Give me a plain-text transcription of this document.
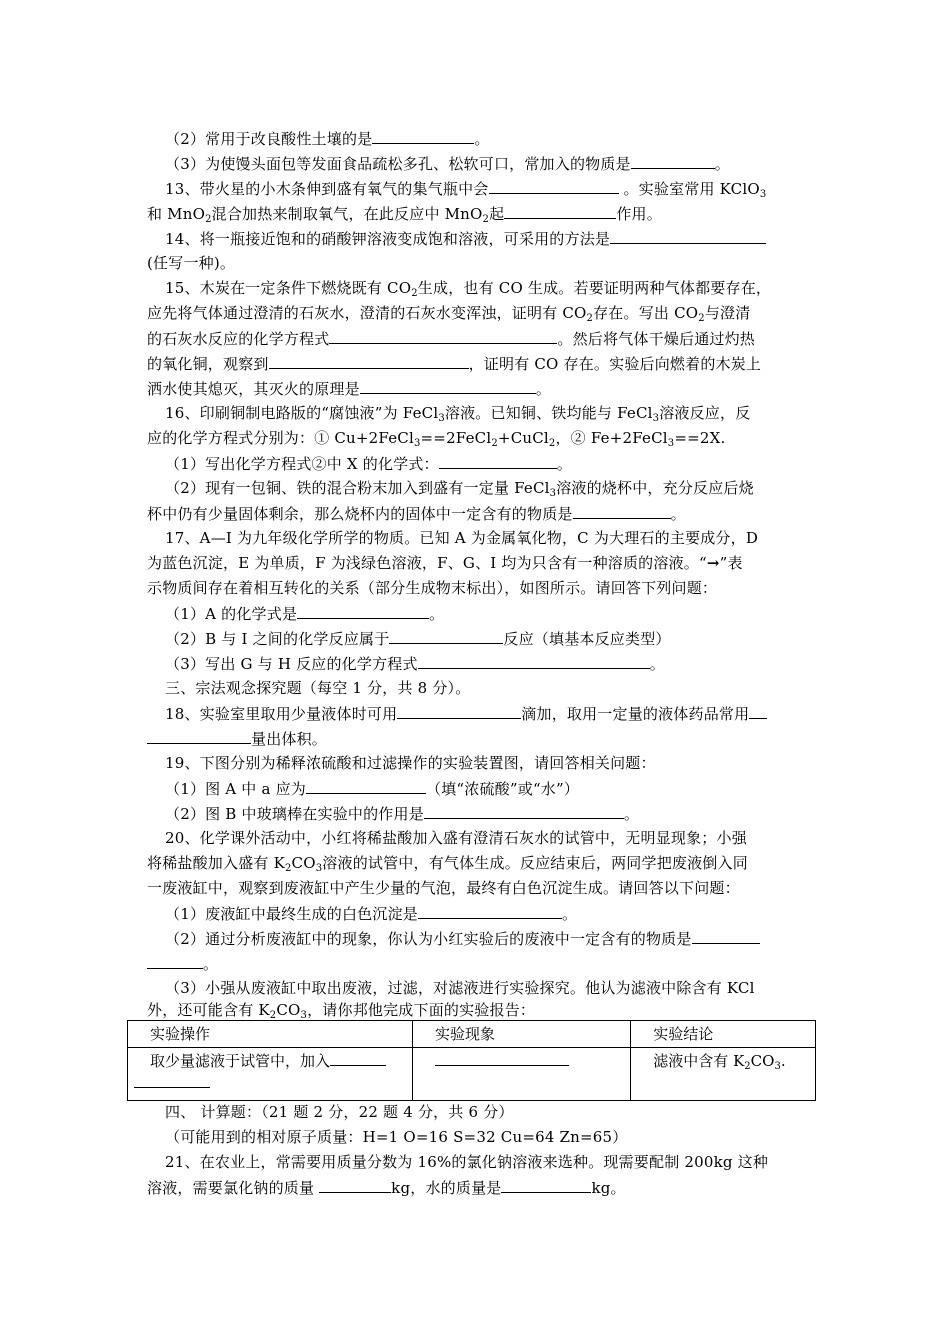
（2）常用于改良酸性土壤的是	。
（3）为使馒头面包等发面食品疏松多孔、松软可口，常加入的物质是	。
13、带火星的小木条伸到盛有氧气的集气瓶中会	。实验室常用 KClO$_3$
和 MnO$_2$混合加热来制取氧气，在此反应中 MnO$_2$起	作用。
14、将一瓶接近饱和的硝酸钾溶液变成饱和溶液，可采用的方法是
(任写一种)。
15、木炭在一定条件下燃烧既有 $CO_2$生成，也有 CO 生成。若要证明两种气体都要存在，
应先将气体通过澄清的石灰水，澄清的石灰水变浑浊，证明有 $CO_2$存在。写出 $CO_2$与澄清
的石灰水反应的化学方程式	。然后将气体干燥后通过灼热
的氧化铜，观察到	，证明有 CO 存在。实验后向燃着的木炭上
洒水使其熄灭，其灭火的原理是	。
16、印刷铜制电路版的“腐蚀液”为 FeCl$_3$溶液。已知铜、铁均能与 FeCl$_3$溶液反应，反
应的化学方程式分别为：① Cu+2FeCl$_3$==2FeCl$_2$+CuCl$_2$，② Fe+2FeCl$_3$==2X.
（1）写出化学方程式②中 X 的化学式：	。
（2）现有一包铜、铁的混合粉末加入到盛有一定量 FeCl$_3$溶液的烧杯中，充分反应后烧
杯中仍有少量固体剩余，那么烧杯内的固体中一定含有的物质是	。
17、A—I 为九年级化学所学的物质。已知 A 为金属氧化物，C 为大理石的主要成分，D
为蓝色沉淀，E 为单质，F 为浅绿色溶液，F、G、I 均为只含有一种溶质的溶液。“→”表
示物质间存在着相互转化的关系（部分生成物末标出），如图所示。请回答下列问题：
（1）A 的化学式是	。
（2）B 与 I 之间的化学反应属于	反应（填基本反应类型）
（3）写出 G 与 H 反应的化学方程式	。
三、宗法观念探究题（每空 1 分，共 8 分）。
18、实验室里取用少量液体时可用	滴加，取用一定量的液体药品常用
量出体积。
19、下图分别为稀释浓硫酸和过滤操作的实验装置图，请回答相关问题：
（1）图 A 中 a 应为	（填“浓硫酸”或“水”）
（2）图 B 中玻璃棒在实验中的作用是	。
20、化学课外活动中，小红将稀盐酸加入盛有澄清石灰水的试管中，无明显现象；小强
将稀盐酸加入盛有 $K_2CO_3$溶液的试管中，有气体生成。反应结束后，两同学把废液倒入同
一废液缸中，观察到废液缸中产生少量的气泡，最终有白色沉淀生成。请回答以下问题：
（1）废液缸中最终生成的白色沉淀是	。
（2）通过分析废液缸中的现象，你认为小红实验后的废液中一定含有的物质是
。
（3）小强从废液缸中取出废液，过滤，对滤液进行实验探究。他认为滤液中除含有 KCl
外，还可能含有 $K_2CO_3$，请你邦他完成下面的实验报告：
实验操作	实验现象	实验结论
取少量滤液于试管中，加入		滤液中含有 $K_2CO_3$.
四、 计算题：（21 题 2 分，22 题 4 分，共 6 分）
（可能用到的相对原子质量：H=1 O=16 S=32 Cu=64 Zn=65）
21、在农业上，常需要用质量分数为 16%的氯化钠溶液来选种。现需要配制 200kg 这种
溶液，需要氯化钠的质量	kg，水的质量是	kg。
